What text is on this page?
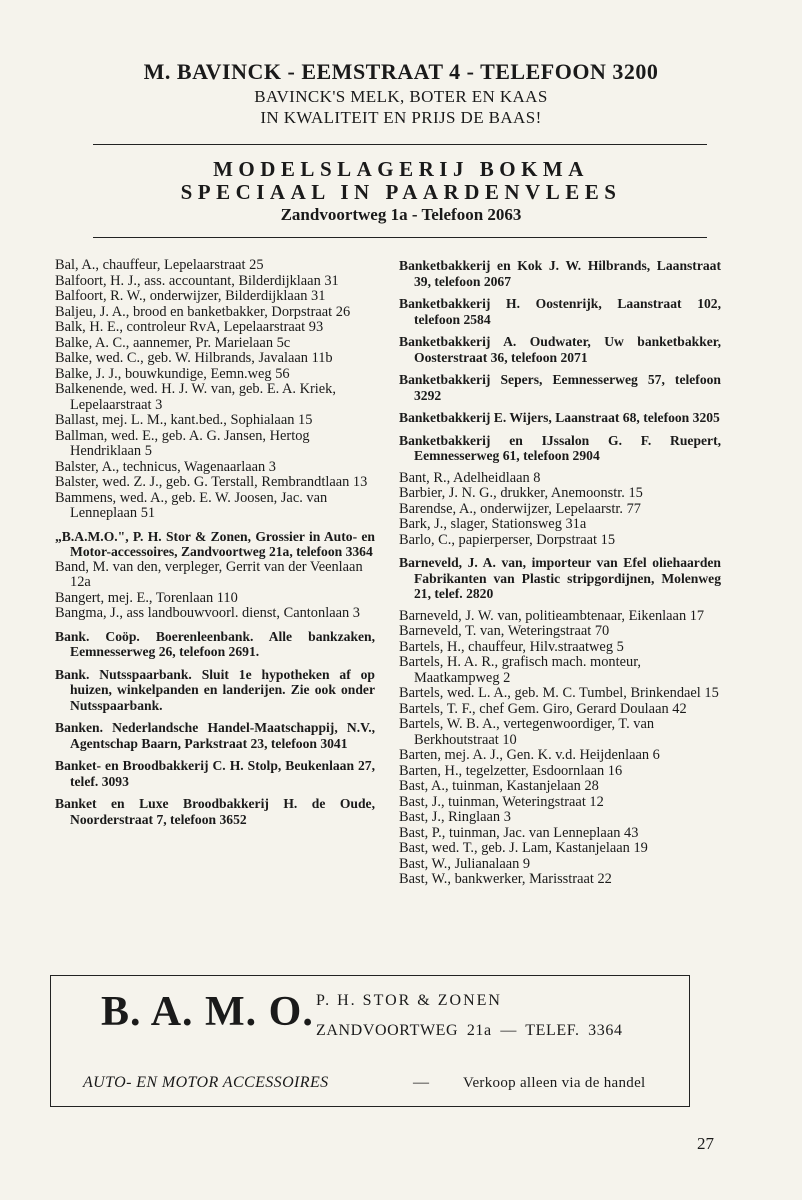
M. BAVINCK - EEMSTRAAT 4 - TELEFOON 3200
BAVINCK'S MELK, BOTER EN KAAS
IN KWALITEIT EN PRIJS DE BAAS!
MODELSLAGERIJ BOKMA
SPECIAAL IN PAARDENVLEES
Zandvoortweg 1a - Telefoon 2063

Bal, A., chauffeur, Lepelaarstraat 25

Balfoort, H. J., ass. accountant, Bilderdijklaan 31

Balfoort, R. W., onderwijzer, Bilderdijklaan 31

Baljeu, J. A., brood en banketbakker, Dorpstraat 26

Balk, H. E., controleur RvA, Lepelaarstraat 93

Balke, A. C., aannemer, Pr. Marielaan 5c

Balke, wed. C., geb. W. Hilbrands, Javalaan 11b

Balke, J. J., bouwkundige, Eemn.weg 56

Balkenende, wed. H. J. W. van, geb. E. A. Kriek, Lepelaarstraat 3

Ballast, mej. L. M., kant.bed., Sophialaan 15

Ballman, wed. E., geb. A. G. Jansen, Hertog Hendriklaan 5

Balster, A., technicus, Wagenaarlaan 3

Balster, wed. Z. J., geb. G. Terstall, Rembrandtlaan 13

Bammens, wed. A., geb. E. W. Joosen, Jac. van Lenneplaan 51

„B.A.M.O.", P. H. Stor & Zonen, Grossier in Auto- en Motor-accessoires, Zandvoortweg 21a, telefoon 3364

Band, M. van den, verpleger, Gerrit van der Veenlaan 12a

Bangert, mej. E., Torenlaan 110

Bangma, J., ass landbouwvoorl. dienst, Cantonlaan 3

Bank. Coöp. Boerenleenbank. Alle bankzaken, Eemnesserweg 26, telefoon 2691.

Bank. Nutsspaarbank. Sluit 1e hypotheken af op huizen, winkelpanden en landerijen. Zie ook onder Nutsspaarbank.

Banken. Nederlandsche Handel-Maatschappij, N.V., Agentschap Baarn, Parkstraat 23, telefoon 3041

Banket- en Broodbakkerij C. H. Stolp, Beukenlaan 27, telef. 3093

Banket en Luxe Broodbakkerij H. de Oude, Noorderstraat 7, telefoon 3652

Banketbakkerij en Kok J. W. Hilbrands, Laanstraat 39, telefoon 2067

Banketbakkerij H. Oostenrijk, Laanstraat 102, telefoon 2584

Banketbakkerij A. Oudwater, Uw banketbakker, Oosterstraat 36, telefoon 2071

Banketbakkerij Sepers, Eemnesserweg 57, telefoon 3292

Banketbakkerij E. Wijers, Laanstraat 68, telefoon 3205

Banketbakkerij en IJssalon G. F. Ruepert, Eemnesserweg 61, telefoon 2904

Bant, R., Adelheidlaan 8

Barbier, J. N. G., drukker, Anemoonstr. 15

Barendse, A., onderwijzer, Lepelaarstr. 77

Bark, J., slager, Stationsweg 31a

Barlo, C., papierperser, Dorpstraat 15

Barneveld, J. A. van, importeur van Efel oliehaarden Fabrikanten van Plastic stripgordijnen, Molenweg 21, telef. 2820

Barneveld, J. W. van, politieambtenaar, Eikenlaan 17

Barneveld, T. van, Weteringstraat 70

Bartels, H., chauffeur, Hilv.straatweg 5

Bartels, H. A. R., grafisch mach. monteur, Maatkampweg 2

Bartels, wed. L. A., geb. M. C. Tumbel, Brinkendael 15

Bartels, T. F., chef Gem. Giro, Gerard Doulaan 42

Bartels, W. B. A., vertegenwoordiger, T. van Berkhoutstraat 10

Barten, mej. A. J., Gen. K. v.d. Heijdenlaan 6

Barten, H., tegelzetter, Esdoornlaan 16

Bast, A., tuinman, Kastanjelaan 28

Bast, J., tuinman, Weteringstraat 12

Bast, J., Ringlaan 3

Bast, P., tuinman, Jac. van Lenneplaan 43

Bast, wed. T., geb. J. Lam, Kastanjelaan 19

Bast, W., Julianalaan 9

Bast, W., bankwerker, Marisstraat 22

B. A. M. O. P. H. STOR & ZONEN
ZANDVOORTWEG 21a — TELEF. 3364
AUTO- EN MOTOR ACCESSOIRES	— Verkoop alleen via de handel
27
